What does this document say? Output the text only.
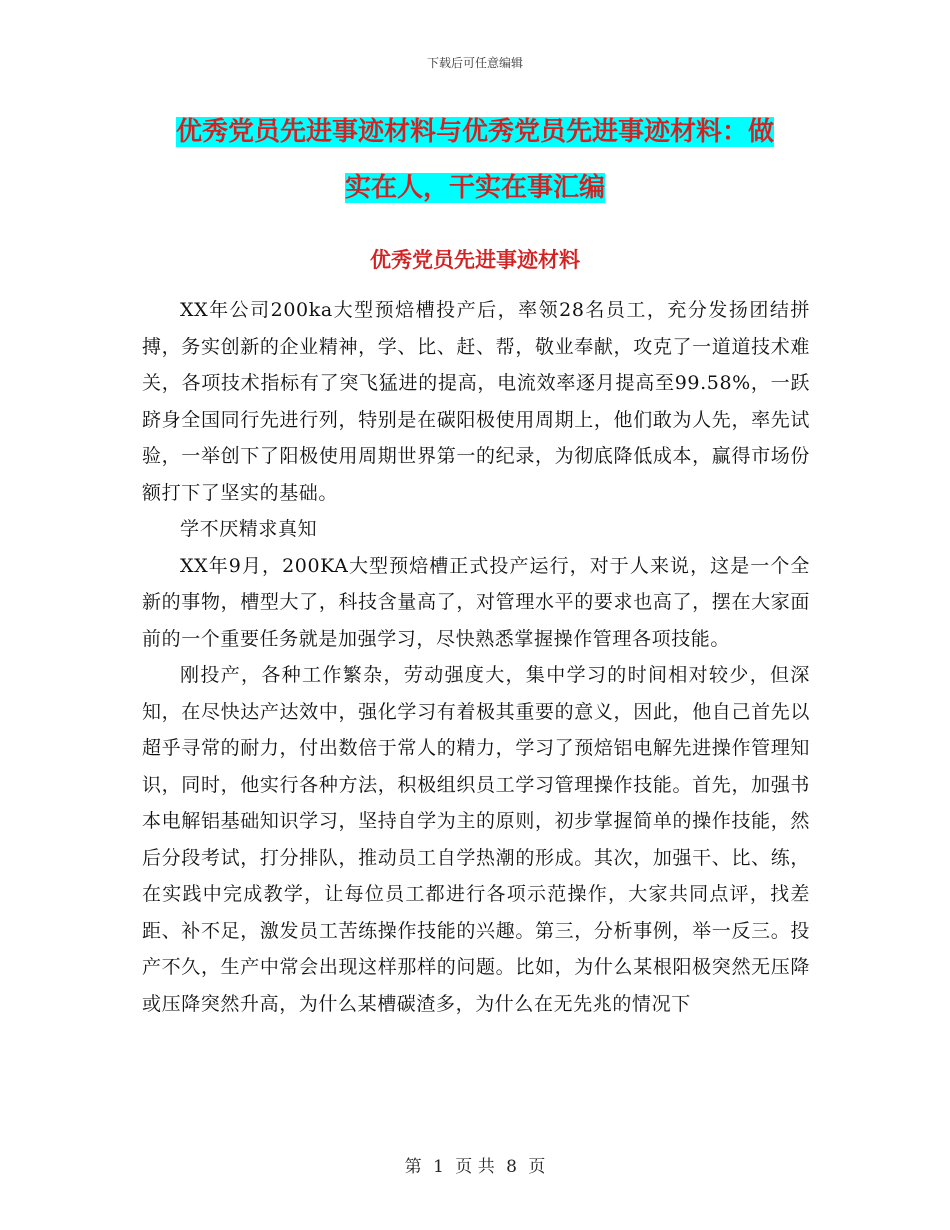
下载后可任意编辑
优秀党员先进事迹材料与优秀党员先进事迹材料：做
实在人，干实在事汇编
优秀党员先进事迹材料

XX年公司200ka大型预焙槽投产后，率领28名员工，充分发扬团结拼搏，务实创新的企业精神，学、比、赶、帮，敬业奉献，攻克了一道道技术难关，各项技术指标有了突飞猛进的提高，电流效率逐月提高至99.58%，一跃跻身全国同行先进行列，特别是在碳阳极使用周期上，他们敢为人先，率先试验，一举创下了阳极使用周期世界第一的纪录，为彻底降低成本，赢得市场份额打下了坚实的基础。

学不厌精求真知

XX年9月，200KA大型预焙槽正式投产运行，对于人来说，这是一个全新的事物，槽型大了，科技含量高了，对管理水平的要求也高了，摆在大家面前的一个重要任务就是加强学习，尽快熟悉掌握操作管理各项技能。

刚投产，各种工作繁杂，劳动强度大，集中学习的时间相对较少，但深知，在尽快达产达效中，强化学习有着极其重要的意义，因此，他自己首先以超乎寻常的耐力，付出数倍于常人的精力，学习了预焙铝电解先进操作管理知识，同时，他实行各种方法，积极组织员工学习管理操作技能。首先，加强书本电解铝基础知识学习，坚持自学为主的原则，初步掌握简单的操作技能，然后分段考试，打分排队，推动员工自学热潮的形成。其次，加强干、比、练，在实践中完成教学，让每位员工都进行各项示范操作，大家共同点评，找差距、补不足，激发员工苦练操作技能的兴趣。第三，分析事例，举一反三。投产不久，生产中常会出现这样那样的问题。比如，为什么某根阳极突然无压降或压降突然升高，为什么某槽碳渣多，为什么在无先兆的情况下

第 1 页 共 8 页
